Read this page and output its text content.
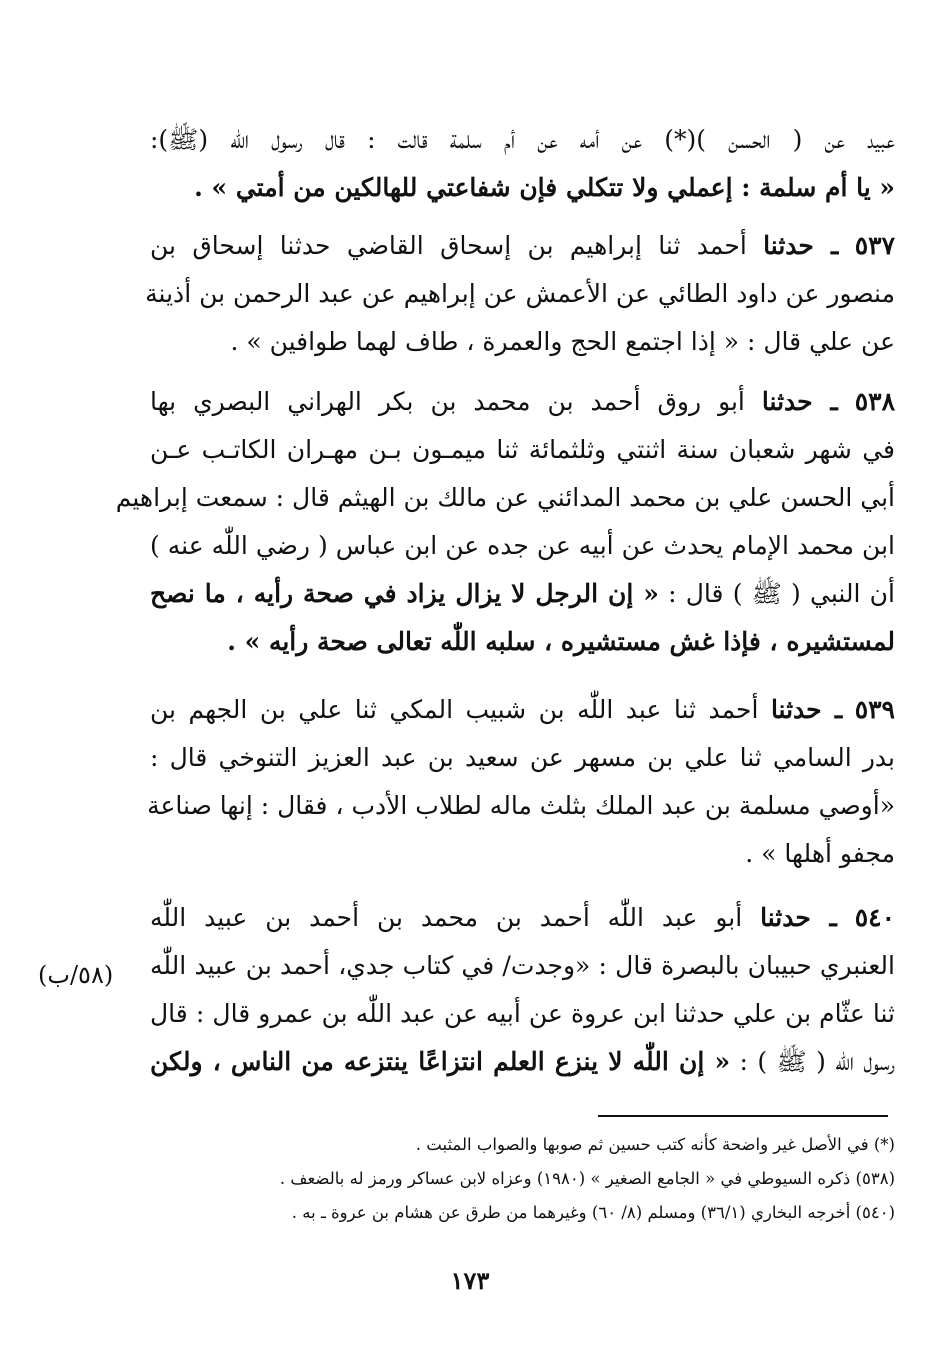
عبيد عن ( الحسن )(*) عن أمه عن أم سلمة قالت : قال رسول اللّٰه (ﷺ):
« يا أم سلمة : إعملي ولا تتكلي فإن شفاعتي للهالكين من أمتي » .
٥٣٧ ـ حدثنا أحمد ثنا إبراهيم بن إسحاق القاضي حدثنا إسحاق بن
منصور عن داود الطائي عن الأعمش عن إبراهيم عن عبد الرحمن بن أذينة
عن علي قال : « إذا اجتمع الحج والعمرة ، طاف لهما طوافين » .
٥٣٨ ـ حدثنا أبو روق أحمد بن محمد بن بكر الهراني البصري بها
في شهر شعبان سنة اثنتي وثلثمائة ثنا ميمـون بـن مهـران الكاتـب عـن
أبي الحسن علي بن محمد المدائني عن مالك بن الهيثم قال : سمعت إبراهيم
ابن محمد الإمام يحدث عن أبيه عن جده عن ابن عباس ( رضي اللّٰه عنه )
أن النبي ( ﷺ ) قال : « إن الرجل لا يزال يزاد في صحة رأيه ، ما نصح
لمستشيره ، فإذا غش مستشيره ، سلبه اللّٰه تعالى صحة رأيه » .
٥٣٩ ـ حدثنا أحمد ثنا عبد اللّٰه بن شبيب المكي ثنا علي بن الجهم بن
بدر السامي ثنا علي بن مسهر عن سعيد بن عبد العزيز التنوخي قال :
«أوصي مسلمة بن عبد الملك بثلث ماله لطلاب الأدب ، فقال : إنها صناعة
مجفو أهلها » .
٥٤٠ ـ حدثنا أبو عبد اللّٰه أحمد بن محمد بن أحمد بن عبيد اللّٰه
العنبري حبيبان بالبصرة قال : «وجدت/ في كتاب جدي، أحمد بن عبيد اللّٰه
ثنا عثّام بن علي حدثنا ابن عروة عن أبيه عن عبد اللّٰه بن عمرو قال : قال
رسول اللّٰه ( ﷺ ) : « إن اللّٰه لا ينزع العلم انتزاعًا ينتزعه من الناس ، ولكن
(٥٨/ب)
(*) في الأصل غير واضحة كأنه كتب حسين ثم صوبها والصواب المثبت .
(٥٣٨) ذكره السيوطي في « الجامع الصغير » (١٩٨٠) وعزاه لابن عساكر ورمز له بالضعف .
(٥٤٠) أخرجه البخاري (٣٦/١) ومسلم (٨/ ٦٠) وغيرهما من طرق عن هشام بن عروة ـ به .
١٧٣
